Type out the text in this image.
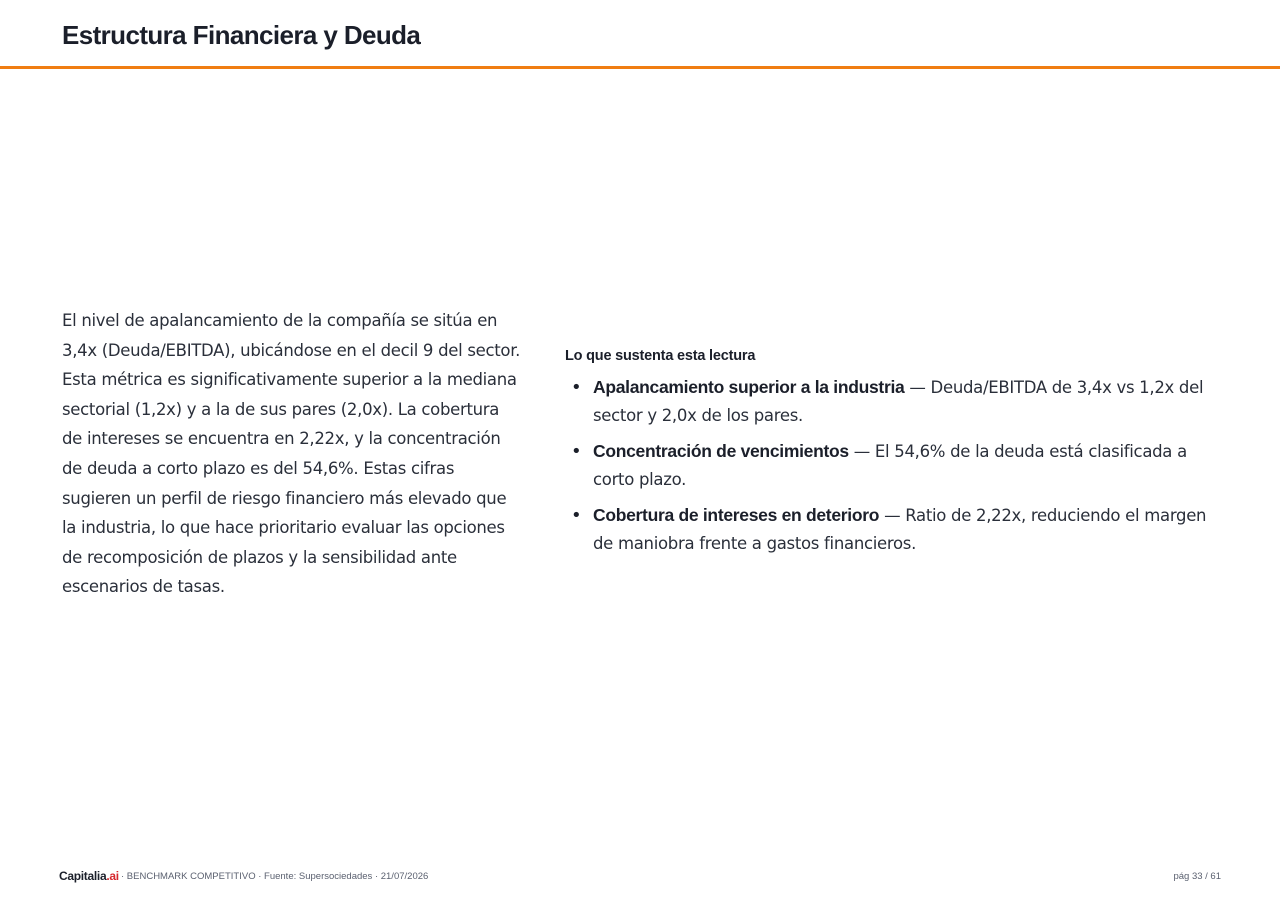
Estructura Financiera y Deuda

El nivel de apalancamiento de la compañía se sitúa en 3,4x (Deuda/EBITDA), ubicándose en el decil 9 del sector. Esta métrica es significativamente superior a la mediana sectorial (1,2x) y a la de sus pares (2,0x). La cobertura de intereses se encuentra en 2,22x, y la concentración de deuda a corto plazo es del 54,6%. Estas cifras sugieren un perfil de riesgo financiero más elevado que la industria, lo que hace prioritario evaluar las opciones de recomposición de plazos y la sensibilidad ante escenarios de tasas.

Lo que sustenta esta lectura
• Apalancamiento superior a la industria — Deuda/EBITDA de 3,4x vs 1,2x del sector y 2,0x de los pares.
• Concentración de vencimientos — El 54,6% de la deuda está clasificada a corto plazo.
• Cobertura de intereses en deterioro — Ratio de 2,22x, reduciendo el margen de maniobra frente a gastos financieros.
Capitalia.ai · BENCHMARK COMPETITIVO · Fuente: Supersociedades · 21/07/2026	pág 33 / 61
